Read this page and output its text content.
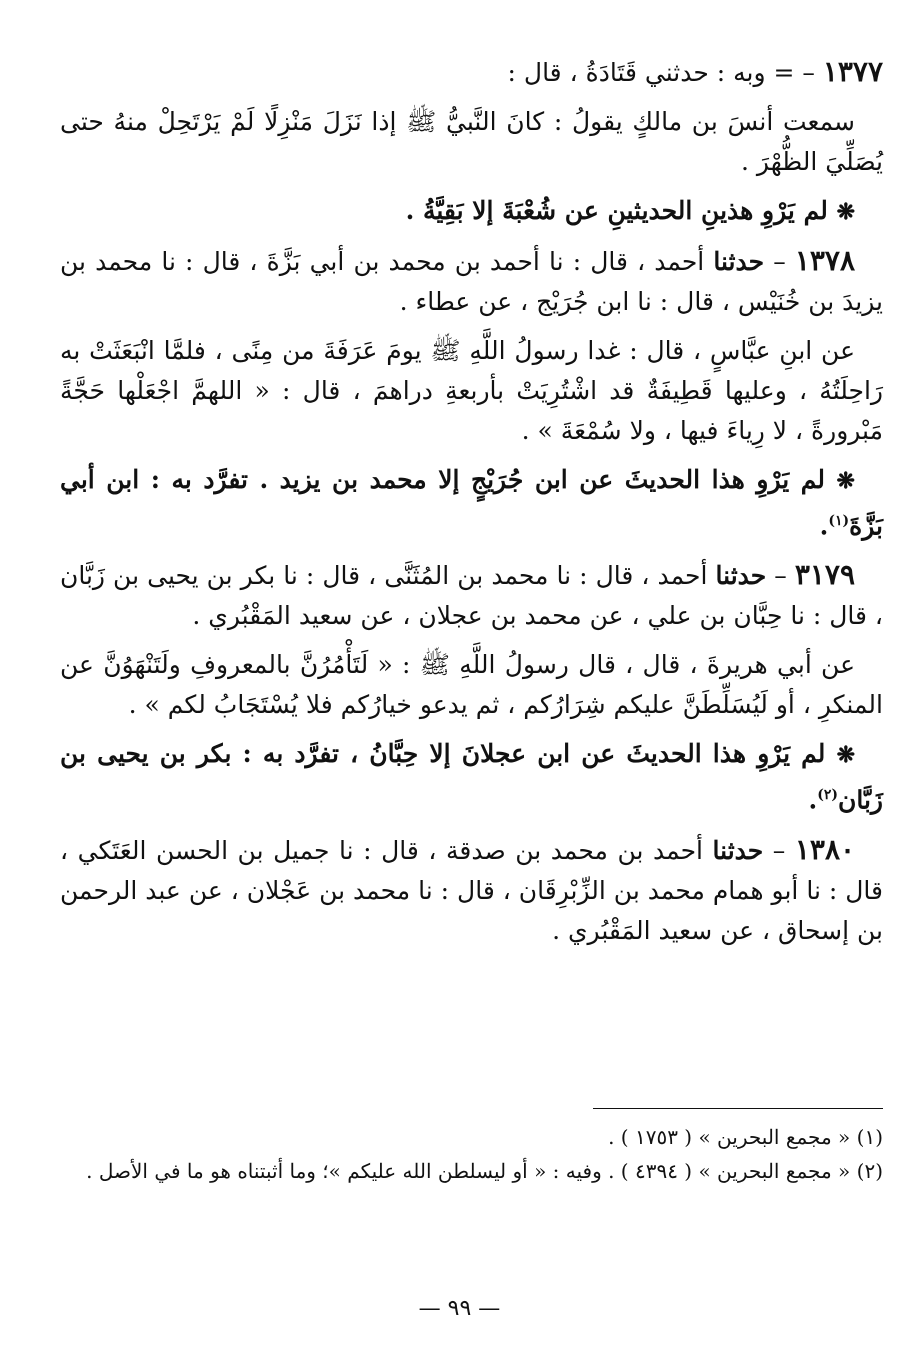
١٣٧٧ – = وبه : حدثني قَتَادَةُ ، قال :

سمعت أنسَ بن مالكٍ يقولُ : كانَ النَّبيُّ ﷺ إذا نَزَلَ مَنْزِلًا لَمْ يَرْتَحِلْ منهُ حتى يُصَلِّيَ الظُّهْرَ .

❋ لم يَرْوِ هذينِ الحديثينِ عن شُعْبَةَ إلا بَقِيَّةُ .

١٣٧٨ – حدثنا أحمد ، قال : نا أحمد بن محمد بن أبي بَزَّةَ ، قال : نا محمد بن يزيدَ بن خُنَيْس ، قال : نا ابن جُرَيْج ، عن عطاء .

عن ابنِ عبَّاسٍ ، قال : غدا رسولُ اللَّهِ ﷺ يومَ عَرَفَةَ من مِنًى ، فلمَّا انْبَعَثَتْ به رَاحِلَتُهُ ، وعليها قَطِيفَةٌ قد اشْتُرِيَتْ بأربعةِ دراهمَ ، قال : « اللهمَّ اجْعَلْها حَجَّةً مَبْرورةً ، لا رِياءَ فيها ، ولا سُمْعَةَ » .

❋ لم يَرْوِ هذا الحديثَ عن ابن جُرَيْجٍ إلا محمد بن يزيد . تفرَّد به : ابن أبي بَزَّةَ$^{(١)}$.

٣١٧٩ – حدثنا أحمد ، قال : نا محمد بن المُثَنَّى ، قال : نا بكر بن يحيى بن زَبَّان ، قال : نا حِبَّان بن علي ، عن محمد بن عجلان ، عن سعيد المَقْبُري .

عن أبي هريرةَ ، قال ، قال رسولُ اللَّهِ ﷺ : « لَتَأْمُرُنَّ بالمعروفِ ولَتَنْهَوُنَّ عن المنكرِ ، أو لَيُسَلِّطَنَّ عليكم شِرَارُكم ، ثم يدعو خيارُكم فلا يُسْتَجَابُ لكم » .

❋ لم يَرْوِ هذا الحديثَ عن ابن عجلانَ إلا حِبَّانُ ، تفرَّد به : بكر بن يحيى بن زَبَّان$^{(٢)}$.

١٣٨٠ – حدثنا أحمد بن محمد بن صدقة ، قال : نا جميل بن الحسن العَتَكي ، قال : نا أبو همام محمد بن الزِّبْرِقَان ، قال : نا محمد بن عَجْلان ، عن عبد الرحمن بن إسحاق ، عن سعيد المَقْبُري .

(١) « مجمع البحرين » ( ١٧٥٣ ) .

(٢) « مجمع البحرين » ( ٤٣٩٤ ) . وفيه : « أو ليسلطن الله عليكم »؛ وما أثبتناه هو ما في الأصل .

— ٩٩ —
